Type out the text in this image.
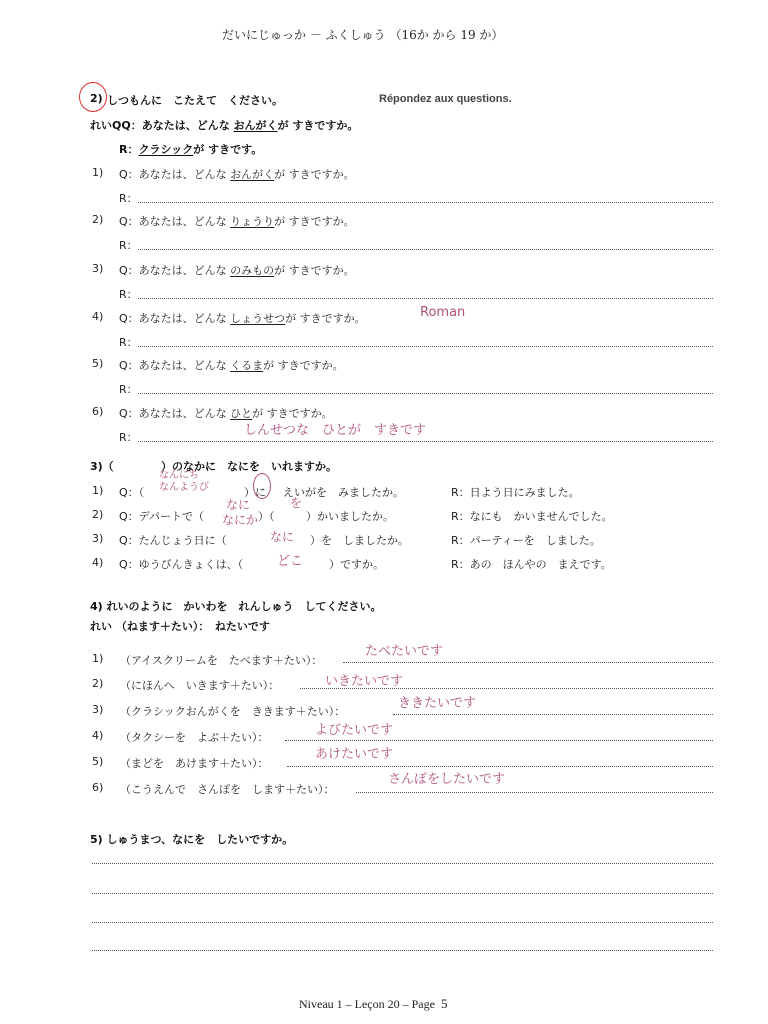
だいにじゅっか － ふくしゅう （16か から 19 か）
2) しつもんに　こたえて　ください。	Répondez aux questions.
れいQQ：あなたは、どんな おんがくが すきですか。
R：クラシックが すきです。
1) Q：あなたは、どんな おんがくが すきですか。
R：
2) Q：あなたは、どんな りょうりが すきですか。
R：
3) Q：あなたは、どんな のみものが すきですか。
R：
4) Q：あなたは、どんな しょうせつが すきですか。	Roman
R：
5) Q：あなたは、どんな くるまが すきですか。
R：
6) Q：あなたは、どんな ひとが すきですか。
R：	しんせつな　ひとが　すきです
3)（	）のなかに　なにを　いれますか。
なんにち
なんようび
1) Q：（	）に えいがを　みましたか。	R：日よう日にみました。
なに
なにか
を
2) Q：デパートで（	）（	）かいましたか。	R：なにも　かいませんでした。
3) Q：たんじょう日に（	なに ）を　しましたか。	R：パーティーを　しました。
4) Q：ゆうびんきょくは、（	どこ ）ですか。	R：あの　ほんやの　まえです。
4) れいのように　かいわを　れんしゅう　してください。
れい （ねます＋たい）：　ねたいです
1) （アイスクリームを　たべます＋たい）：
たべたいです
2) （にほんへ　いきます＋たい）：	いきたいです
3) （クラシックおんがくを　ききます＋たい）：
ききたいです
4) （タクシーを　よぶ＋たい）：	よびたいです
5) （まどを　あけます＋たい）：
あけたいです
6) （こうえんで　さんぽを　します＋たい）：
さんぽをしたいです
5) しゅうまつ、なにを　したいですか。
Niveau 1 – Leçon 20 – Page 5
